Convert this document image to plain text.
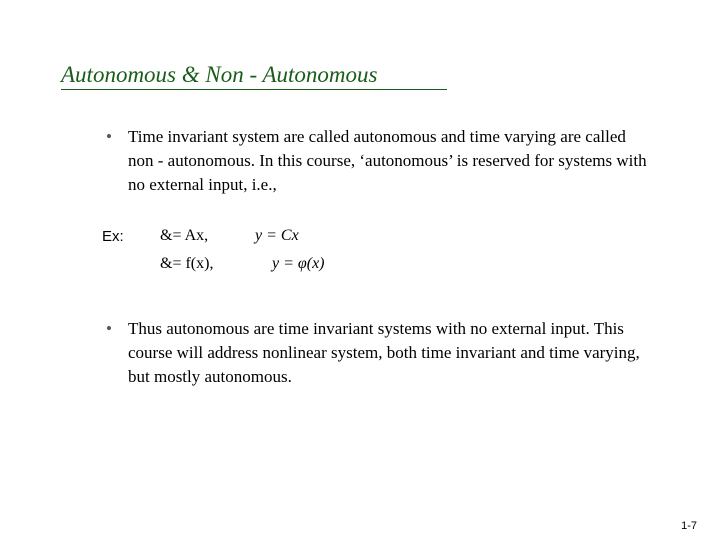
Autonomous & Non - Autonomous
• Time invariant system are called autonomous and time varying are called non - autonomous. In this course, ‘autonomous’ is reserved for systems with no external input, i.e.,
Ex: &= Ax,	y = Cx
&= f(x),	y = φ(x)
• Thus autonomous are time invariant systems with no external input. This course will address nonlinear system, both time invariant and time varying, but mostly autonomous.
1-7
